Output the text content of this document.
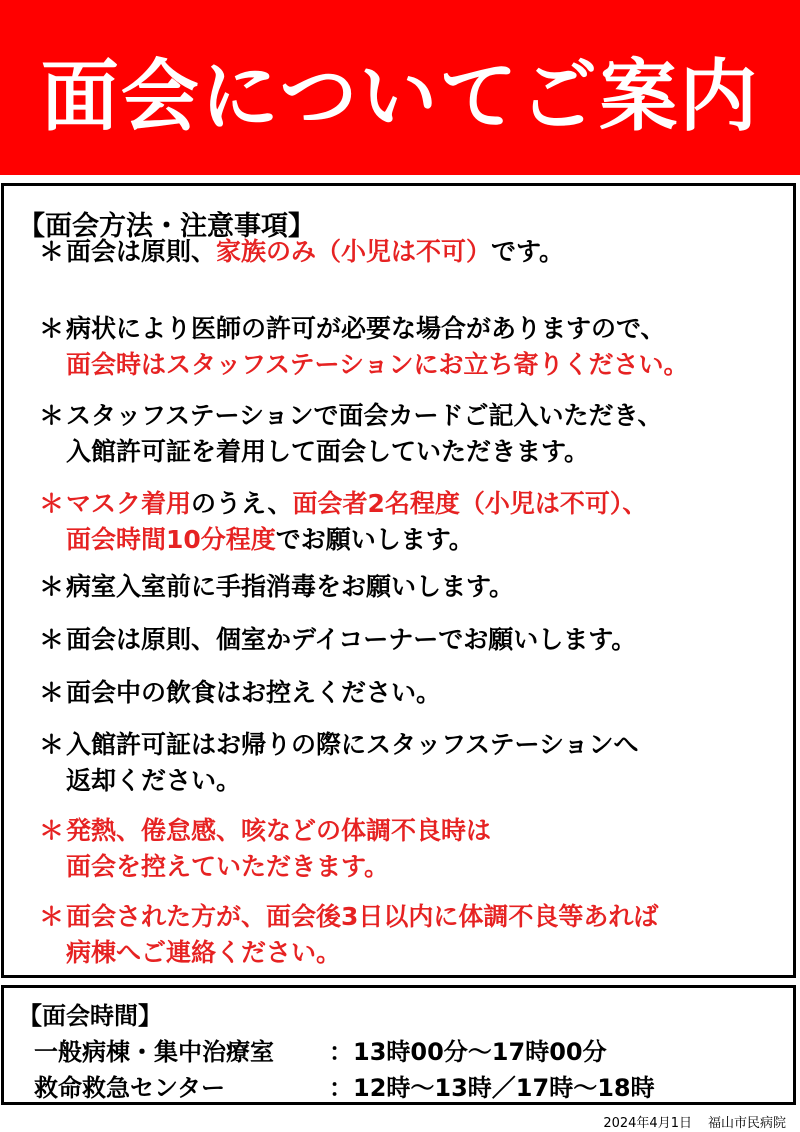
面会についてご案内
【面会方法・注意事項】
＊面会は原則、家族のみ（小児は不可）です。
＊病状により医師の許可が必要な場合がありますので、
面会時はスタッフステーションにお立ち寄りください。
＊スタッフステーションで面会カードご記入いただき、
入館許可証を着用して面会していただきます。
＊マスク着用のうえ、面会者2名程度（小児は不可）、
面会時間10分程度でお願いします。
＊病室入室前に手指消毒をお願いします。
＊面会は原則、個室かデイコーナーでお願いします。
＊面会中の飲食はお控えください。
＊入館許可証はお帰りの際にスタッフステーションへ
返却ください。
＊発熱、倦怠感、咳などの体調不良時は
面会を控えていただきます。
＊面会された方が、面会後3日以内に体調不良等あれば
病棟へご連絡ください。
【面会時間】
一般病棟・集中治療室 ：13時00分～17時00分
救命救急センター	：12時～13時／17時～18時
2024年4月1日 福山市民病院
